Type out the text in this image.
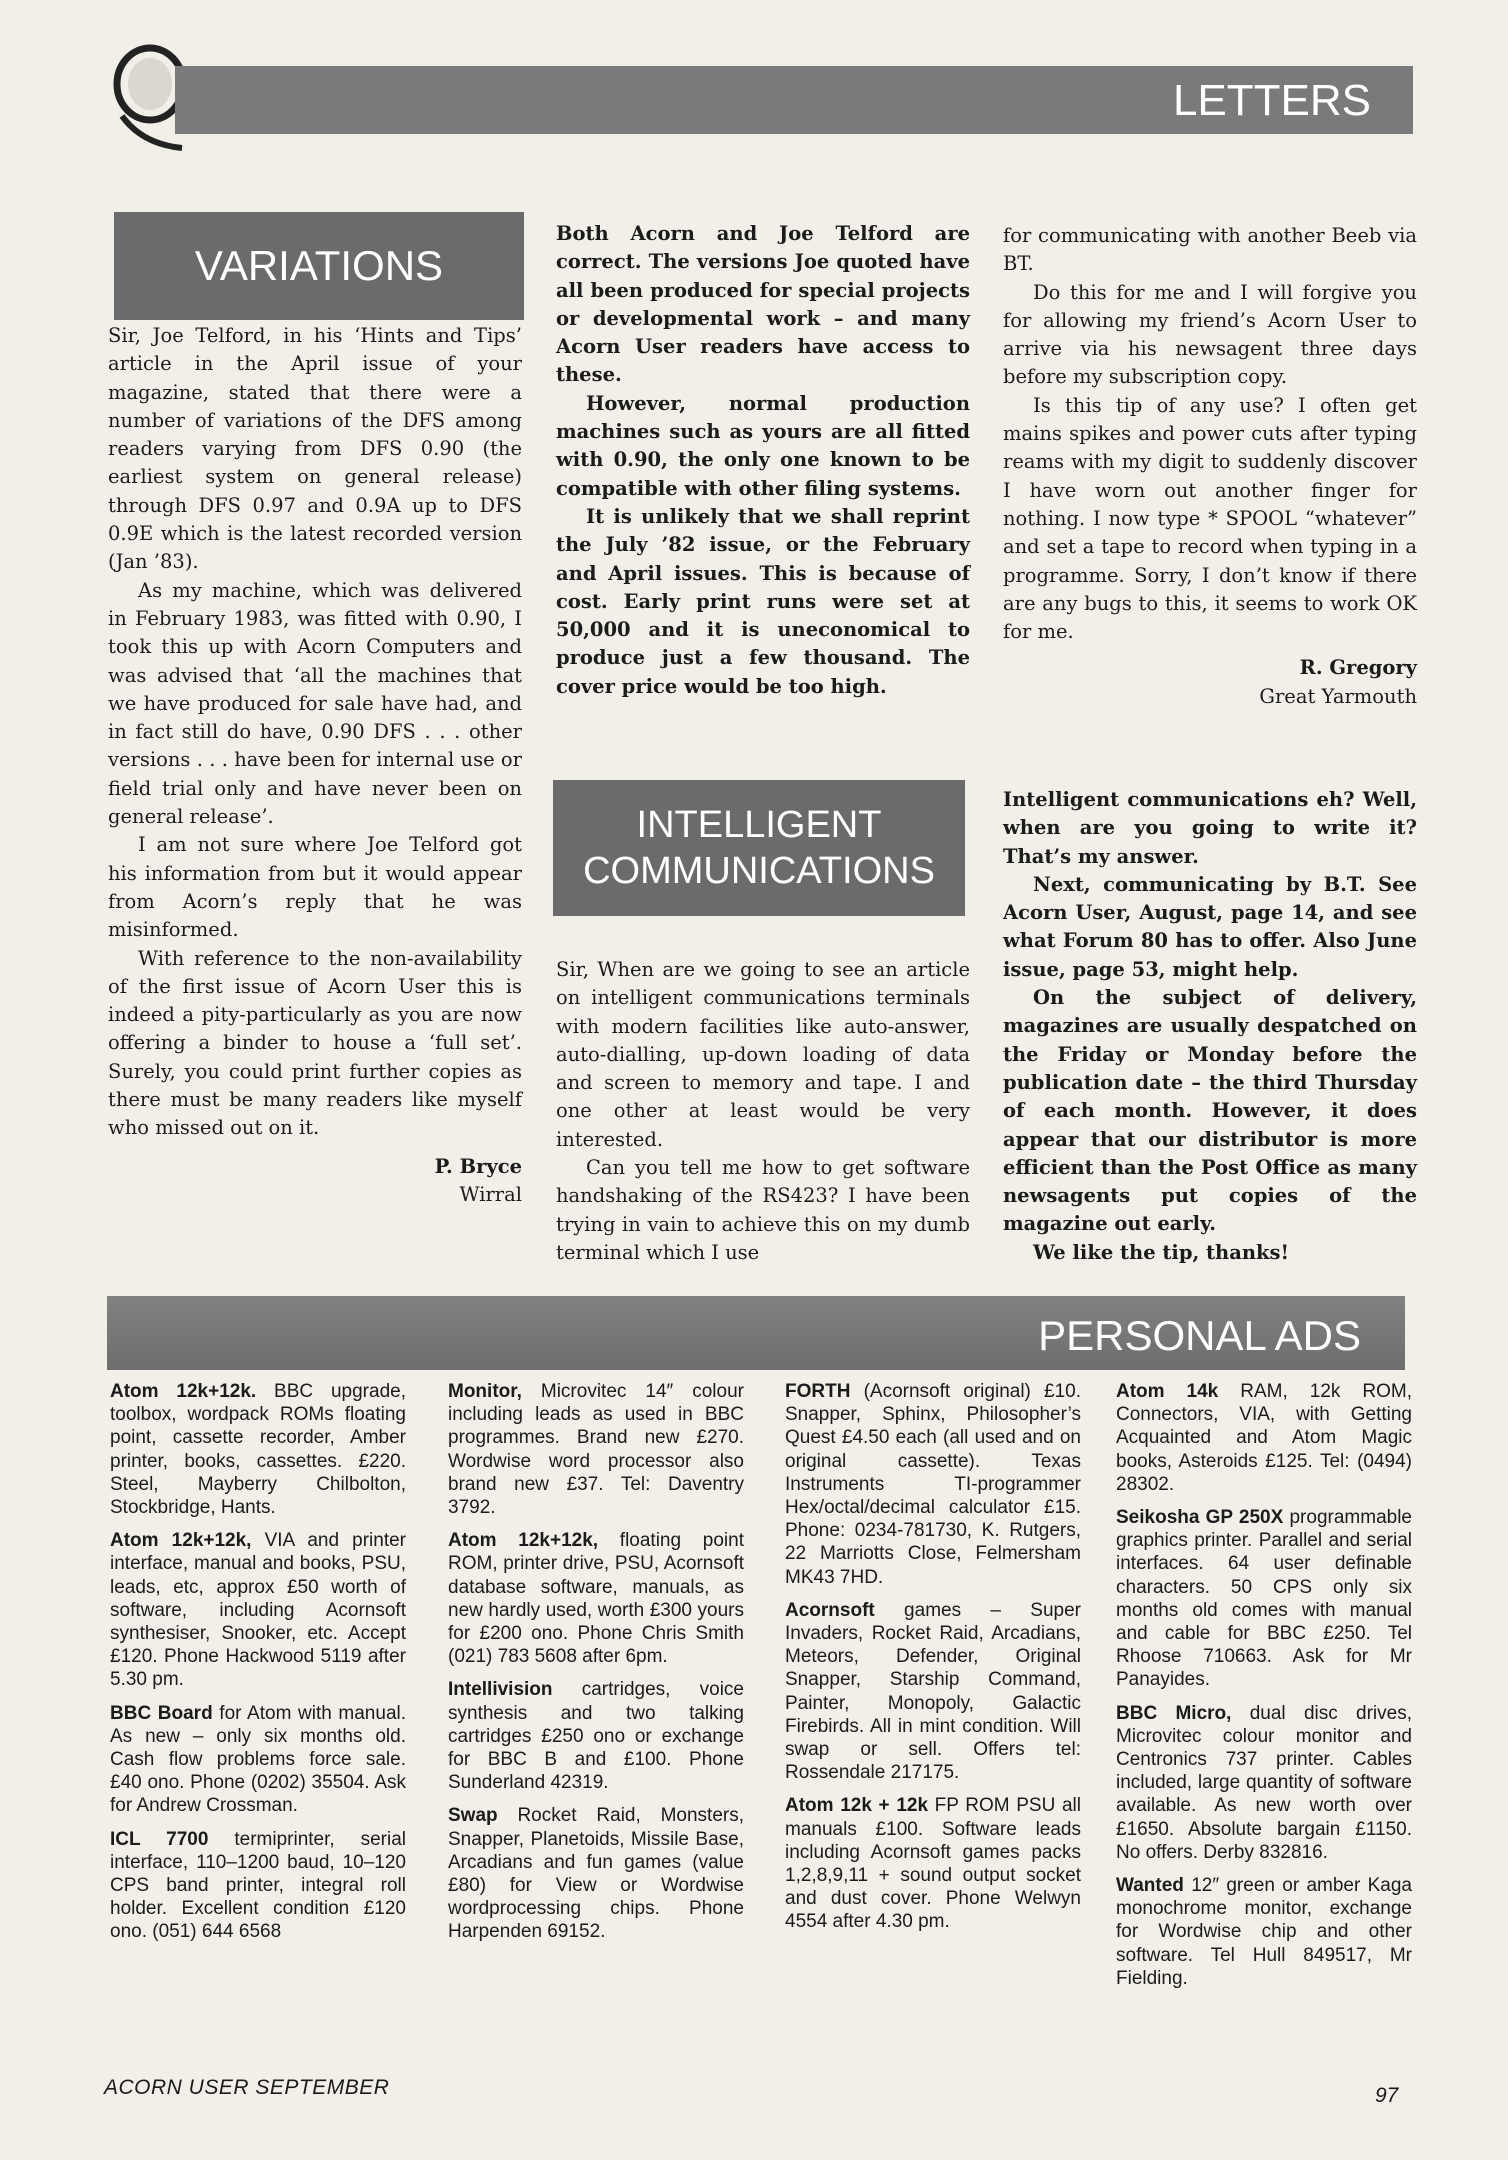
LETTERS
VARIATIONS

Sir, Joe Telford, in his ‘Hints and Tips’ article in the April issue of your magazine, stated that there were a number of variations of the DFS among readers varying from DFS 0.90 (the earliest system on general release) through DFS 0.97 and 0.9A up to DFS 0.9E which is the latest recorded version (Jan ’83).

As my machine, which was delivered in February 1983, was fitted with 0.90, I took this up with Acorn Computers and was advised that ‘all the machines that we have produced for sale have had, and in fact still do have, 0.90 DFS . . . other versions . . . have been for internal use or field trial only and have never been on general release’.

I am not sure where Joe Telford got his information from but it would appear from Acorn’s reply that he was misinformed.

With reference to the non-availability of the first issue of Acorn User this is indeed a pity-particularly as you are now offering a binder to house a ‘full set’. Surely, you could print further copies as there must be many readers like myself who missed out on it.

P. Bryce
Wirral

Both Acorn and Joe Telford are correct. The versions Joe quoted have all been produced for special projects or developmental work – and many Acorn User readers have access to these.

However, normal production machines such as yours are all fitted with 0.90, the only one known to be compatible with other filing systems.

It is unlikely that we shall reprint the July ’82 issue, or the February and April issues. This is because of cost. Early print runs were set at 50,000 and it is uneconomical to produce just a few thousand. The cover price would be too high.

INTELLIGENT
COMMUNICATIONS

Sir, When are we going to see an article on intelligent communications terminals with modern facilities like auto-answer, auto-dialling, up-down loading of data and screen to memory and tape. I and one other at least would be very interested.

Can you tell me how to get software handshaking of the RS423? I have been trying in vain to achieve this on my dumb terminal which I use

for communicating with another Beeb via BT.

Do this for me and I will forgive you for allowing my friend’s Acorn User to arrive via his newsagent three days before my subscription copy.

Is this tip of any use? I often get mains spikes and power cuts after typing reams with my digit to suddenly discover I have worn out another finger for nothing. I now type * SPOOL “whatever” and set a tape to record when typing in a programme. Sorry, I don’t know if there are any bugs to this, it seems to work OK for me.

R. Gregory
Great Yarmouth

Intelligent communications eh? Well, when are you going to write it? That’s my answer.

Next, communicating by B.T. See Acorn User, August, page 14, and see what Forum 80 has to offer. Also June issue, page 53, might help.

On the subject of delivery, magazines are usually despatched on the Friday or Monday before the publication date – the third Thursday of each month. However, it does appear that our distributor is more efficient than the Post Office as many newsagents put copies of the magazine out early.

We like the tip, thanks!

PERSONAL ADS

Atom 12k+12k. BBC upgrade, toolbox, wordpack ROMs floating point, cassette recorder, Amber printer, books, cassettes. £220. Steel, Mayberry Chilbolton, Stockbridge, Hants.

Atom 12k+12k, VIA and printer interface, manual and books, PSU, leads, etc, approx £50 worth of software, including Acornsoft synthesiser, Snooker, etc. Accept £120. Phone Hackwood 5119 after 5.30 pm.

BBC Board for Atom with manual. As new – only six months old. Cash flow problems force sale. £40 ono. Phone (0202) 35504. Ask for Andrew Crossman.

ICL 7700 termiprinter, serial interface, 110–1200 baud, 10–120 CPS band printer, integral roll holder. Excellent condition £120 ono. (051) 644 6568

Monitor, Microvitec 14″ colour including leads as used in BBC programmes. Brand new £270. Wordwise word processor also brand new £37. Tel: Daventry 3792.

Atom 12k+12k, floating point ROM, printer drive, PSU, Acornsoft database software, manuals, as new hardly used, worth £300 yours for £200 ono. Phone Chris Smith (021) 783 5608 after 6pm.

Intellivision cartridges, voice synthesis and two talking cartridges £250 ono or exchange for BBC B and £100. Phone Sunderland 42319.

Swap Rocket Raid, Monsters, Snapper, Planetoids, Missile Base, Arcadians and fun games (value £80) for View or Wordwise wordprocessing chips. Phone Harpenden 69152.

FORTH (Acornsoft original) £10. Snapper, Sphinx, Philosopher’s Quest £4.50 each (all used and on original cassette). Texas Instruments TI-programmer Hex/octal/decimal calculator £15. Phone: 0234-781730, K. Rutgers, 22 Marriotts Close, Felmersham MK43 7HD.

Acornsoft games – Super Invaders, Rocket Raid, Arcadians, Meteors, Defender, Original Snapper, Starship Command, Painter, Monopoly, Galactic Firebirds. All in mint condition. Will swap or sell. Offers tel: Rossendale 217175.

Atom 12k + 12k FP ROM PSU all manuals £100. Software leads including Acornsoft games packs 1,2,8,9,11 + sound output socket and dust cover. Phone Welwyn 4554 after 4.30 pm.

Atom 14k RAM, 12k ROM, Connectors, VIA, with Getting Acquainted and Atom Magic books, Asteroids £125. Tel: (0494) 28302.

Seikosha GP 250X programmable graphics printer. Parallel and serial interfaces. 64 user definable characters. 50 CPS only six months old comes with manual and cable for BBC £250. Tel Rhoose 710663. Ask for Mr Panayides.

BBC Micro, dual disc drives, Microvitec colour monitor and Centronics 737 printer. Cables included, large quantity of software available. As new worth over £1650. Absolute bargain £1150. No offers. Derby 832816.

Wanted 12″ green or amber Kaga monochrome monitor, exchange for Wordwise chip and other software. Tel Hull 849517, Mr Fielding.

ACORN USER SEPTEMBER	97
